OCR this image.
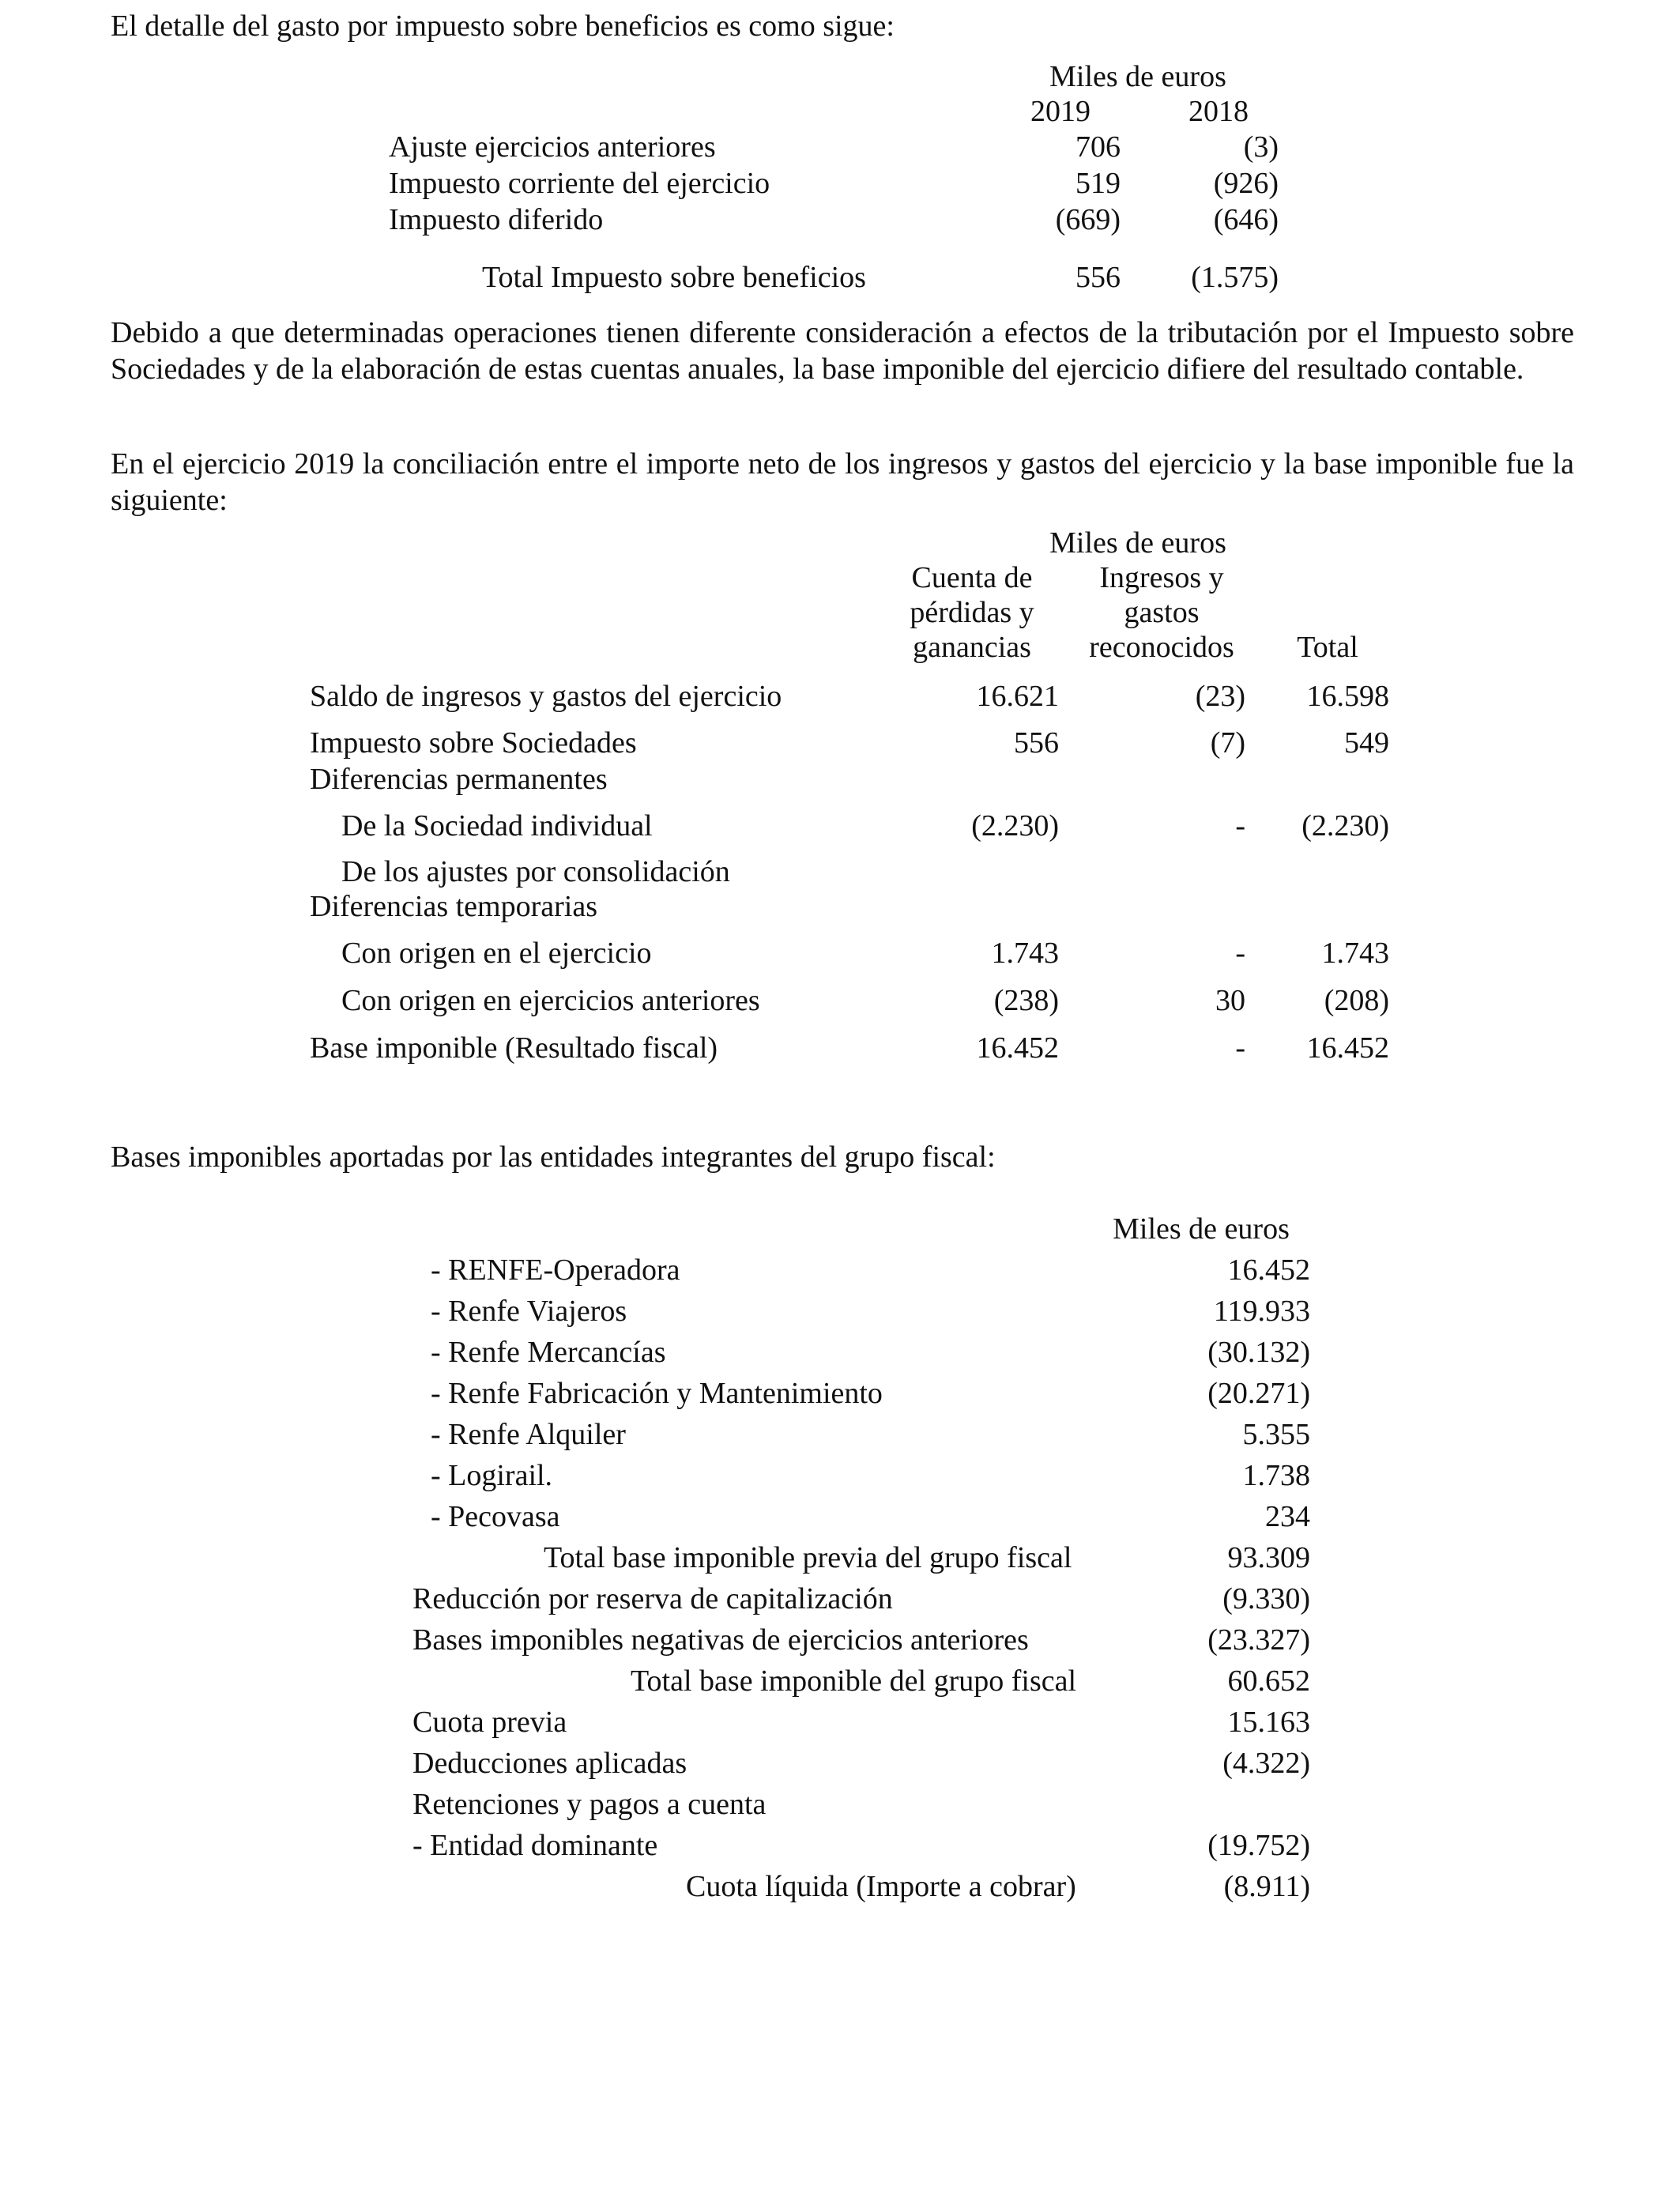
El detalle del gasto por impuesto sobre beneficios es como sigue:
Miles de euros
2019	2018
Ajuste ejercicios anteriores	706	(3)
Impuesto corriente del ejercicio	519	(926)
Impuesto diferido	(669)	(646)
Total Impuesto sobre beneficios	556	(1.575)
Debido a que determinadas operaciones tienen diferente consideración a efectos de la tributación por el Impuesto sobre Sociedades y de la elaboración de estas cuentas anuales, la base imponible del ejercicio difiere del resultado contable.
En el ejercicio 2019 la conciliación entre el importe neto de los ingresos y gastos del ejercicio y la base imponible fue la siguiente:
Miles de euros
Cuenta de
pérdidas y
ganancias
Ingresos y
gastos
reconocidos	Total
Saldo de ingresos y gastos del ejercicio	16.621	(23)	16.598
Impuesto sobre Sociedades	556	(7)	549
Diferencias permanentes
De la Sociedad individual	(2.230)	-	(2.230)
De los ajustes por consolidación
Diferencias temporarias
Con origen en el ejercicio	1.743	-	1.743
Con origen en ejercicios anteriores	(238)	30	(208)
Base imponible (Resultado fiscal)	16.452	-	16.452
Bases imponibles aportadas por las entidades integrantes del grupo fiscal:
Miles de euros
- RENFE-Operadora	16.452
- Renfe Viajeros	119.933
- Renfe Mercancías	(30.132)
- Renfe Fabricación y Mantenimiento	(20.271)
- Renfe Alquiler	5.355
- Logirail.	1.738
- Pecovasa	234
Total base imponible previa del grupo fiscal	93.309
Reducción por reserva de capitalización	(9.330)
Bases imponibles negativas de ejercicios anteriores	(23.327)
Total base imponible del grupo fiscal	60.652
Cuota previa	15.163
Deducciones aplicadas	(4.322)
Retenciones y pagos a cuenta
- Entidad dominante	(19.752)
Cuota líquida (Importe a cobrar)	(8.911)
